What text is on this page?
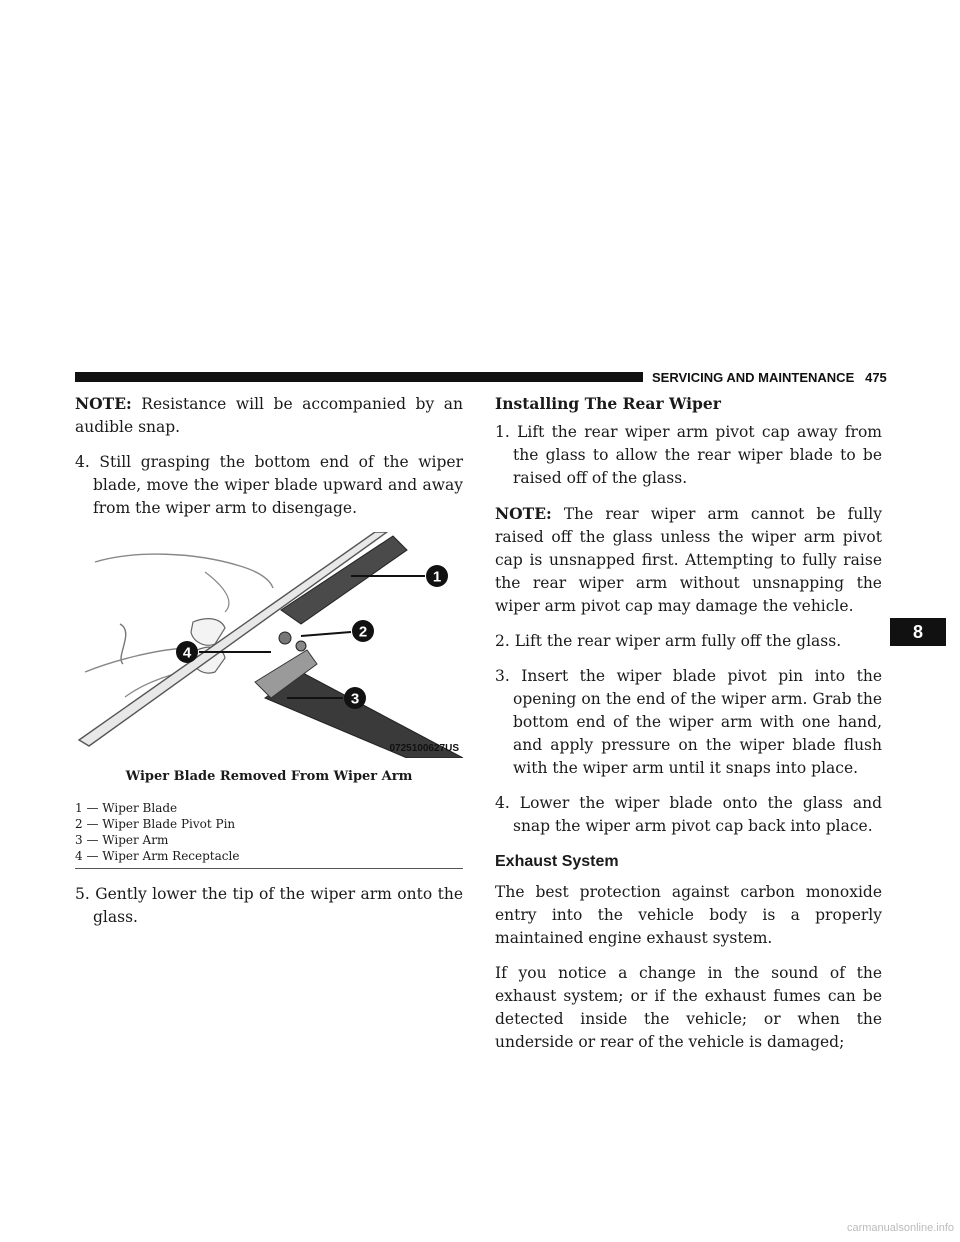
SERVICING AND MAINTENANCE 475

NOTE: Resistance will be accompanied by an audible snap.

4. Still grasping the bottom end of the wiper blade, move the wiper blade upward and away from the wiper arm to disengage.

1
2
3
4
0725100627US
Wiper Blade Removed From Wiper Arm
1 — Wiper Blade
2 — Wiper Blade Pivot Pin
3 — Wiper Arm
4 — Wiper Arm Receptacle

5. Gently lower the tip of the wiper arm onto the glass.

Installing The Rear Wiper

1. Lift the rear wiper arm pivot cap away from the glass to allow the rear wiper blade to be raised off of the glass.

NOTE: The rear wiper arm cannot be fully raised off the glass unless the wiper arm pivot cap is unsnapped first. Attempting to fully raise the rear wiper arm without unsnapping the wiper arm pivot cap may damage the vehicle.

2. Lift the rear wiper arm fully off the glass.

3. Insert the wiper blade pivot pin into the opening on the end of the wiper arm. Grab the bottom end of the wiper arm with one hand, and apply pressure on the wiper blade flush with the wiper arm until it snaps into place.

4. Lower the wiper blade onto the glass and snap the wiper arm pivot cap back into place.

Exhaust System

The best protection against carbon monoxide entry into the vehicle body is a properly maintained engine exhaust system.

If you notice a change in the sound of the exhaust system; or if the exhaust fumes can be detected inside the vehicle; or when the underside or rear of the vehicle is damaged;

8
carmanualsonline.info
